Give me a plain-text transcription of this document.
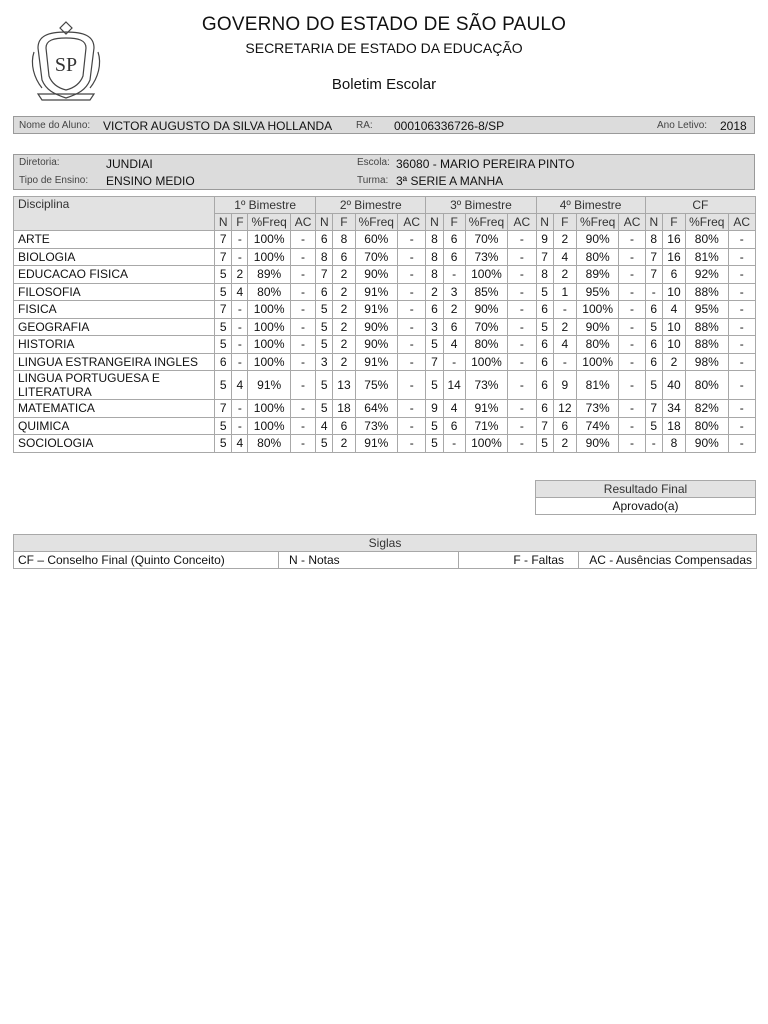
SP
GOVERNO DO ESTADO DE SÃO PAULO
SECRETARIA DE ESTADO DA EDUCAÇÃO
Boletim Escolar
Nome do Aluno: VICTOR AUGUSTO DA SILVA HOLLANDA RA: 000106336726-8/SP	Ano Letivo: 2018
Diretoria:	JUNDIAI
Tipo de Ensino: ENSINO MEDIO
Escola: 36080 - MARIO PEREIRA PINTO
Turma: 3ª SERIE A MANHA
Disciplina	1º Bimestre				2º Bimestre				3º Bimestre				4º Bimestre				CF			
	N	F	%Freq	AC	N	F	%Freq	AC	N	F	%Freq	AC	N	F	%Freq	AC	N	F	%Freq	AC
ARTE	7	-	100%	-	6	8	60%	-	8	6	70%	-	9	2	90%	-	8	16	80%	-
BIOLOGIA	7	-	100%	-	8	6	70%	-	8	6	73%	-	7	4	80%	-	7	16	81%	-
EDUCACAO FISICA	5	2	89%	-	7	2	90%	-	8	-	100%	-	8	2	89%	-	7	6	92%	-
FILOSOFIA	5	4	80%	-	6	2	91%	-	2	3	85%	-	5	1	95%	-	-	10	88%	-
FISICA	7	-	100%	-	5	2	91%	-	6	2	90%	-	6	-	100%	-	6	4	95%	-
GEOGRAFIA	5	-	100%	-	5	2	90%	-	3	6	70%	-	5	2	90%	-	5	10	88%	-
HISTORIA	5	-	100%	-	5	2	90%	-	5	4	80%	-	6	4	80%	-	6	10	88%	-
LINGUA ESTRANGEIRA INGLES	6	-	100%	-	3	2	91%	-	7	-	100%	-	6	-	100%	-	6	2	98%	-
LINGUA PORTUGUESA E LITERATURA	5	4	91%	-	5	13	75%	-	5	14	73%	-	6	9	81%	-	5	40	80%	-
MATEMATICA	7	-	100%	-	5	18	64%	-	9	4	91%	-	6	12	73%	-	7	34	82%	-
QUIMICA	5	-	100%	-	4	6	73%	-	5	6	71%	-	7	6	74%	-	5	18	80%	-
SOCIOLOGIA	5	4	80%	-	5	2	91%	-	5	-	100%	-	5	2	90%	-	-	8	90%	-
Resultado Final
Aprovado(a)
Siglas
CF – Conselho Final (Quinto Conceito)	N - Notas	F - Faltas	AC - Ausências Compensadas
